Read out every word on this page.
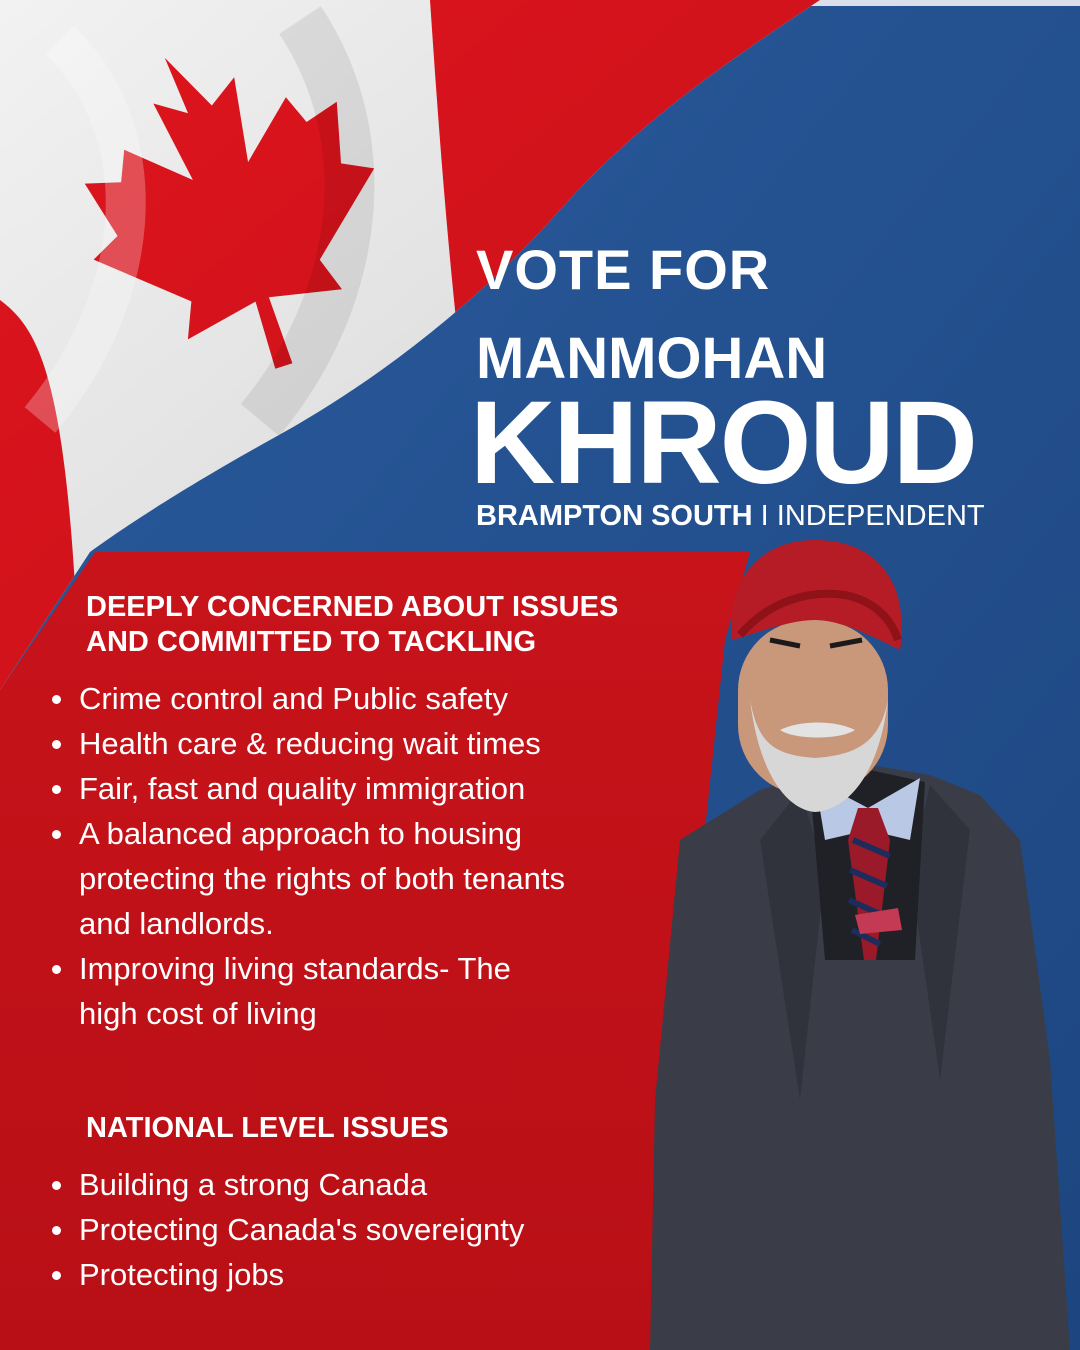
VOTE FOR
MANMOHAN
KHROUD
BRAMPTON SOUTH I INDEPENDENT
DEEPLY CONCERNED ABOUT ISSUES
AND COMMITTED TO TACKLING
Crime control and Public safety
Health care & reducing wait times
Fair, fast and quality immigration
A balanced approach to housing protecting the rights of both tenants and landlords.
Improving living standards- The high cost of living
NATIONAL LEVEL ISSUES
Building a strong Canada
Protecting Canada's sovereignty
Protecting jobs
